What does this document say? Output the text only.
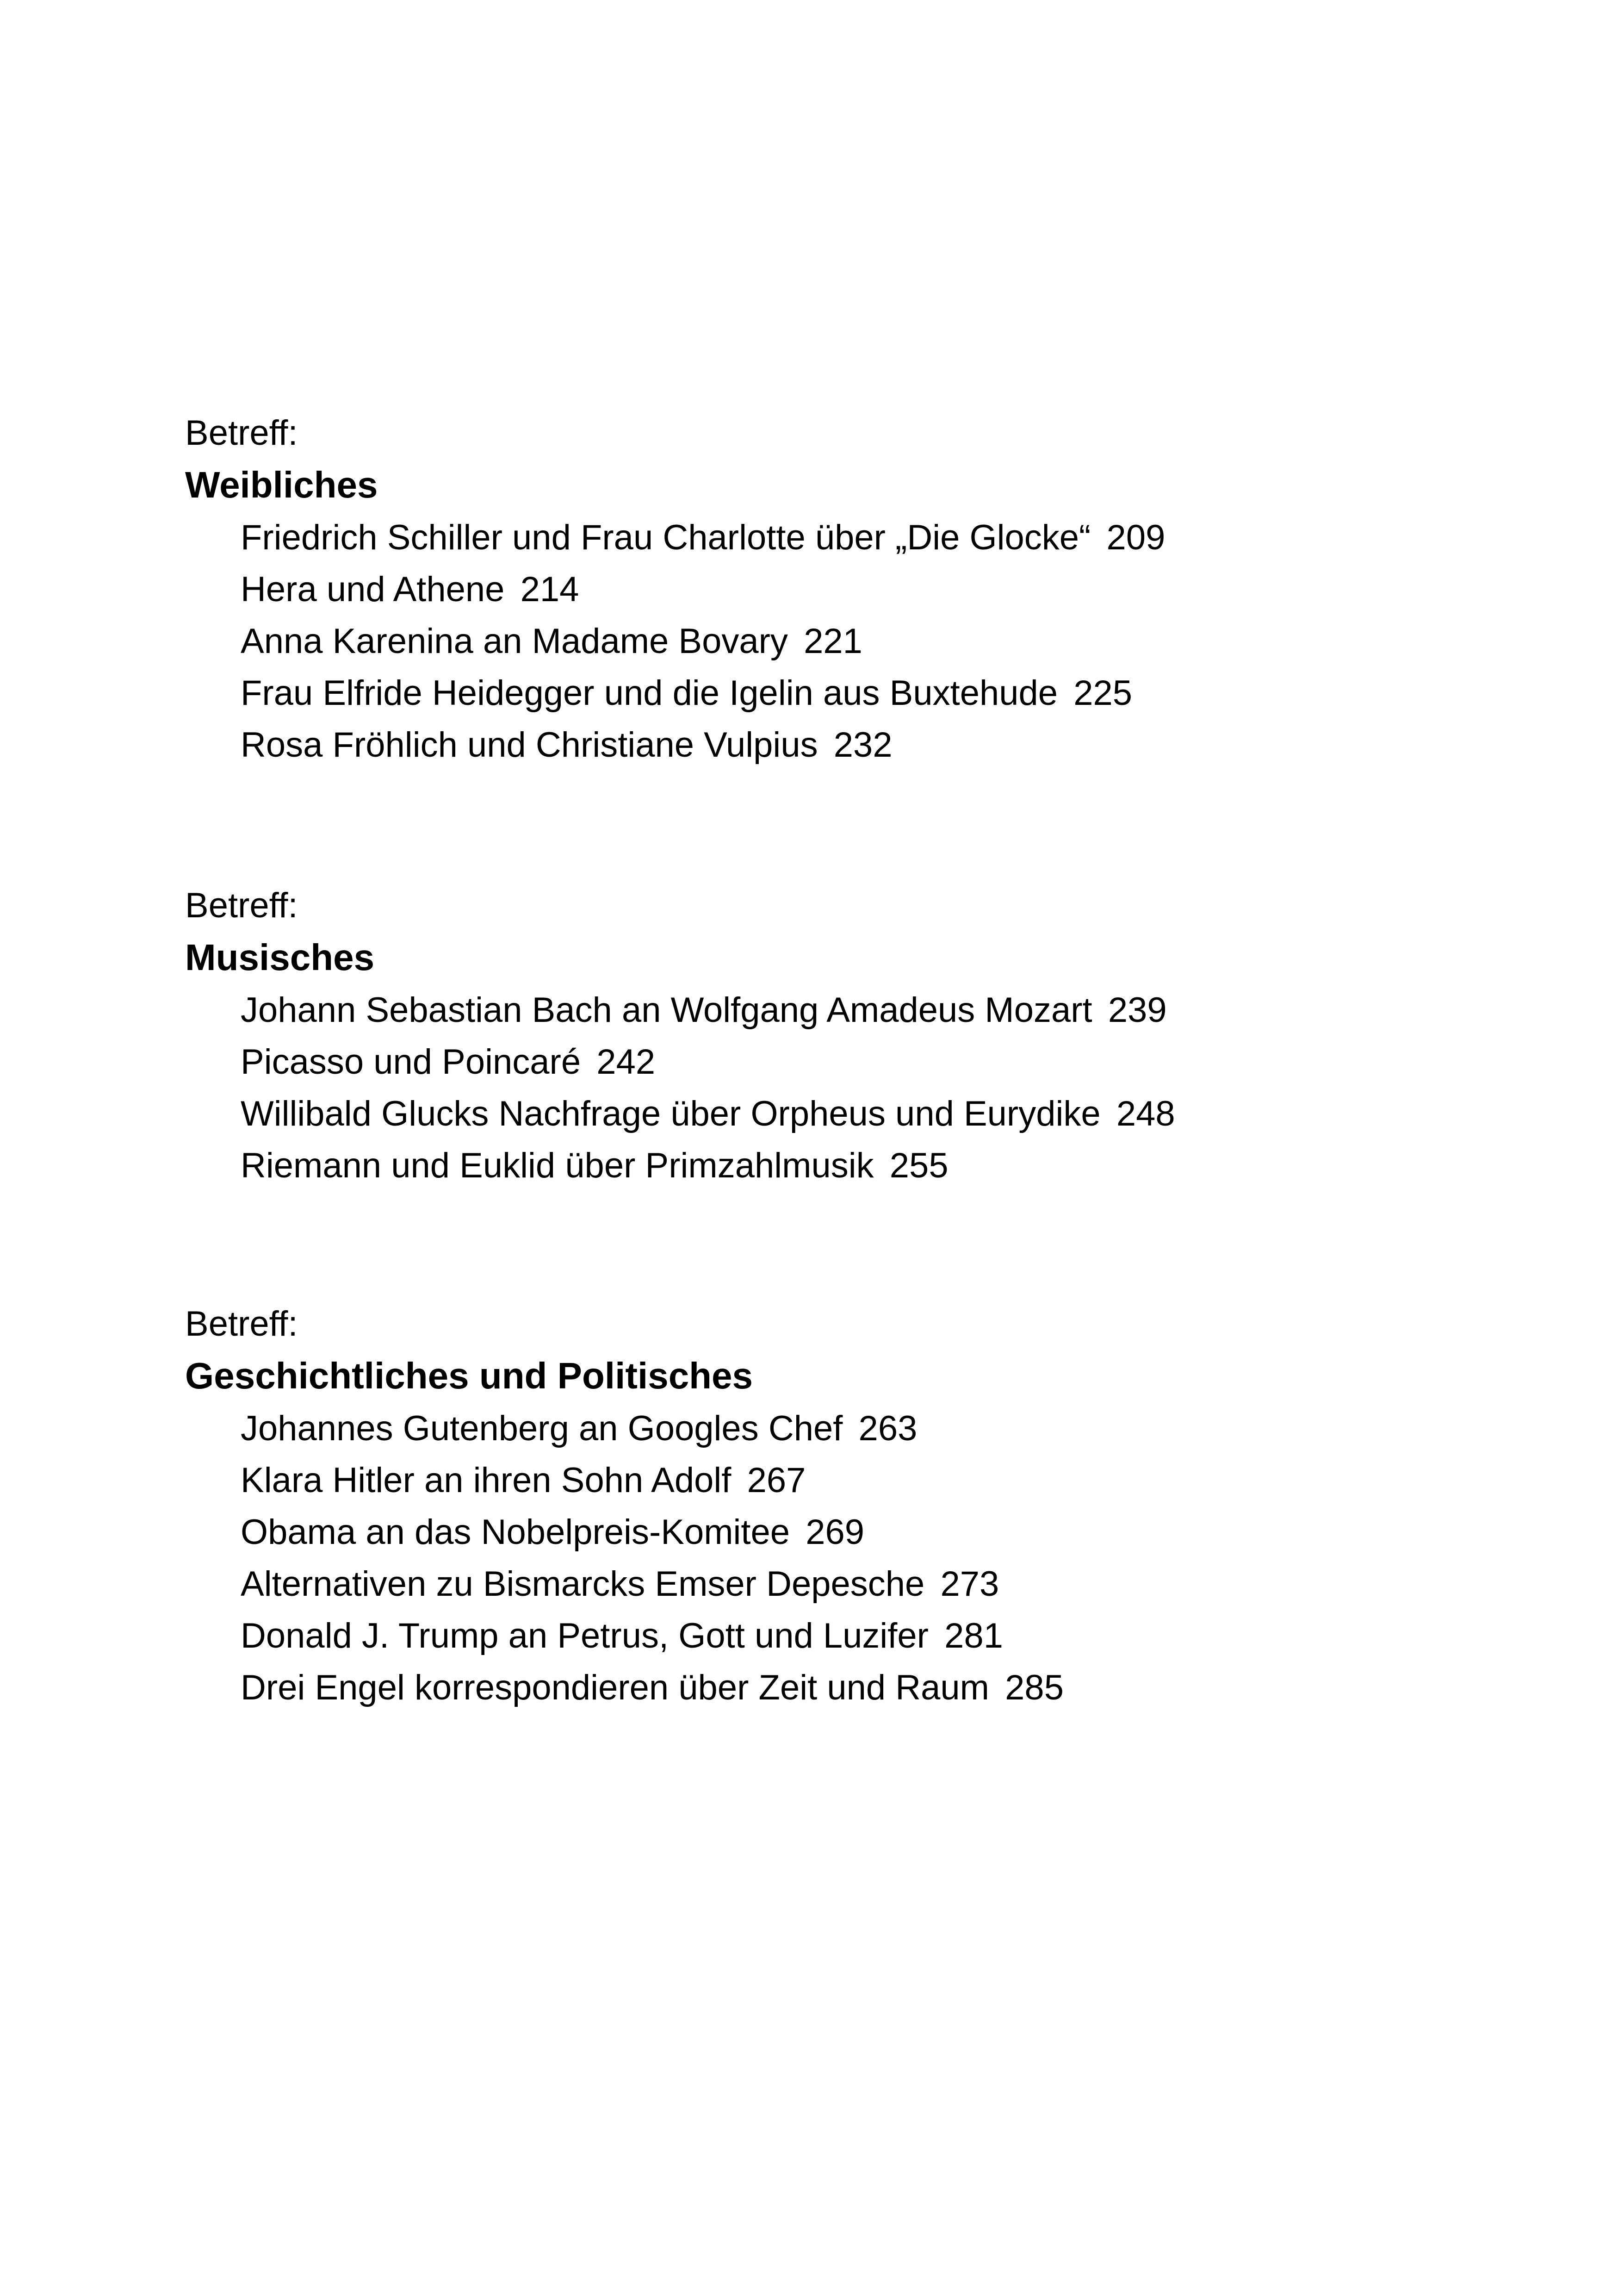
Betreff:
Weibliches
Friedrich Schiller und Frau Charlotte über „Die Glocke“ 209
Hera und Athene 214
Anna Karenina an Madame Bovary 221
Frau Elfride Heidegger und die Igelin aus Buxtehude 225
Rosa Fröhlich und Christiane Vulpius 232
Betreff:
Musisches
Johann Sebastian Bach an Wolfgang Amadeus Mozart 239
Picasso und Poincaré 242
Willibald Glucks Nachfrage über Orpheus und Eurydike 248
Riemann und Euklid über Primzahlmusik 255
Betreff:
Geschichtliches und Politisches
Johannes Gutenberg an Googles Chef 263
Klara Hitler an ihren Sohn Adolf 267
Obama an das Nobelpreis-Komitee 269
Alternativen zu Bismarcks Emser Depesche 273
Donald J. Trump an Petrus, Gott und Luzifer 281
Drei Engel korrespondieren über Zeit und Raum 285
